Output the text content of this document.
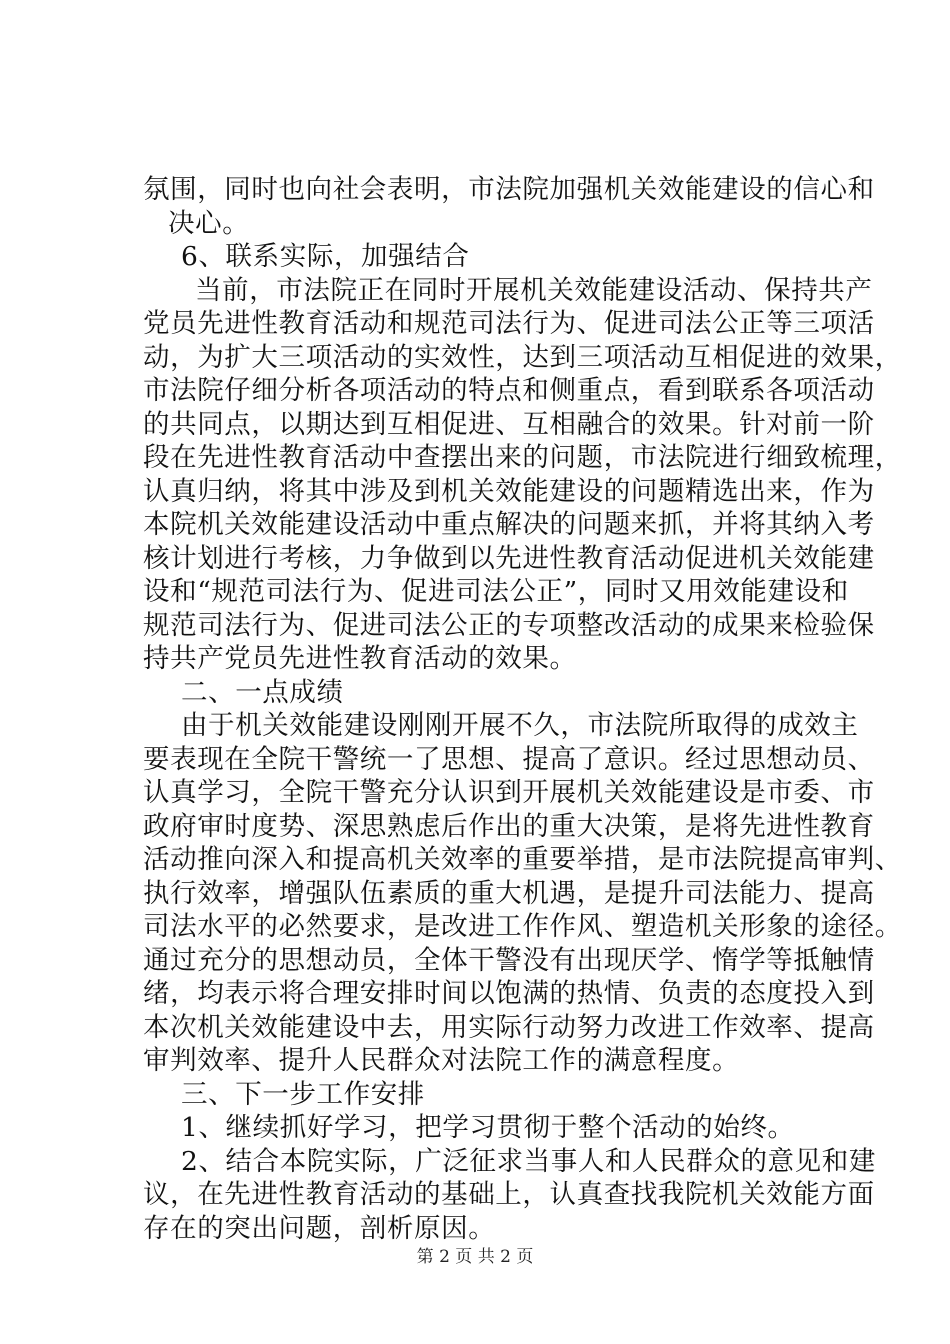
氛围，同时也向社会表明，市法院加强机关效能建设的信心和
决心。
6、联系实际，加强结合
当前，市法院正在同时开展机关效能建设活动、保持共产
党员先进性教育活动和规范司法行为、促进司法公正等三项活
动，为扩大三项活动的实效性，达到三项活动互相促进的效果，
市法院仔细分析各项活动的特点和侧重点，看到联系各项活动
的共同点，以期达到互相促进、互相融合的效果。针对前一阶
段在先进性教育活动中查摆出来的问题，市法院进行细致梳理，
认真归纳，将其中涉及到机关效能建设的问题精选出来，作为
本院机关效能建设活动中重点解决的问题来抓，并将其纳入考
核计划进行考核，力争做到以先进性教育活动促进机关效能建
设和“规范司法行为、促进司法公正”，同时又用效能建设和
规范司法行为、促进司法公正的专项整改活动的成果来检验保
持共产党员先进性教育活动的效果。
二、一点成绩
由于机关效能建设刚刚开展不久，市法院所取得的成效主
要表现在全院干警统一了思想、提高了意识。经过思想动员、
认真学习，全院干警充分认识到开展机关效能建设是市委、市
政府审时度势、深思熟虑后作出的重大决策，是将先进性教育
活动推向深入和提高机关效率的重要举措，是市法院提高审判、
执行效率，增强队伍素质的重大机遇，是提升司法能力、提高
司法水平的必然要求，是改进工作作风、塑造机关形象的途径。
通过充分的思想动员，全体干警没有出现厌学、惰学等抵触情
绪，均表示将合理安排时间以饱满的热情、负责的态度投入到
本次机关效能建设中去，用实际行动努力改进工作效率、提高
审判效率、提升人民群众对法院工作的满意程度。
三、下一步工作安排
1、继续抓好学习，把学习贯彻于整个活动的始终。
2、结合本院实际，广泛征求当事人和人民群众的意见和建
议，在先进性教育活动的基础上，认真查找我院机关效能方面
存在的突出问题，剖析原因。
第 2 页 共 2 页
